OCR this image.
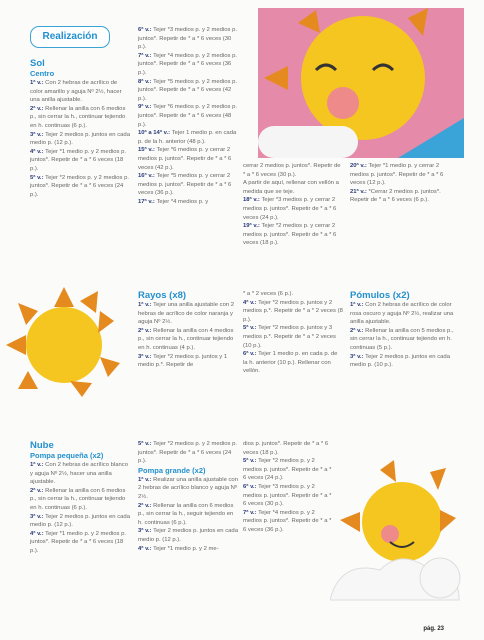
Realización
Sol
Centro

1ª v.: Con 2 hebras de acrílico de color amarillo y aguja Nº 2½, hacer una anilla ajustable.

2ª v.: Rellenar la anilla con 6 medios p., sin cerrar la h., continuar tejiendo en h. continuas (6 p.).

3ª v.: Tejer 2 medios p. juntos en cada medio p. (12 p.).

4ª v.: Tejer *1 medio p. y 2 medios p. juntos*. Repetir de * a * 6 veces (18 p.).

5ª v.: Tejer *2 medios p. y 2 medios p. juntos*. Repetir de * a * 6 veces (24 p.).

6ª v.: Tejer *3 medios p. y 2 medios p. juntos*. Repetir de * a * 6 veces (30 p.).

7ª v.: Tejer *4 medios p. y 2 medios p. juntos*. Repetir de * a * 6 veces (36 p.).

8ª v.: Tejer *5 medios p. y 2 medios p. juntos*. Repetir de * a * 6 veces (42 p.).

9ª v.: Tejer *6 medios p. y 2 medios p. juntos*. Repetir de * a * 6 veces (48 p.).

10ª a 14ª v.: Tejer 1 medio p. en cada p. de la h. anterior (48 p.).

15ª v.: Tejer *6 medios p. y cerrar 2 medios p. juntos*. Repetir de * a * 6 veces (42 p.).

16ª v.: Tejer *5 medios p. y cerrar 2 medios p. juntos*. Repetir de * a * 6 veces (36 p.).

17ª v.: Tejer *4 medios p. y

cerrar 2 medios p. juntos*. Repetir de * a * 6 veces (30 p.).

A partir de aquí, rellenar con vellón a medida que se teje.

18ª v.: Tejer *3 medios p. y cerrar 2 medios p. juntos*. Repetir de * a * 6 veces (24 p.).

19ª v.: Tejer *2 medios p. y cerrar 2 medios p. juntos*. Repetir de * a * 6 veces (18 p.).

20ª v.: Tejer *1 medio p. y cerrar 2 medios p. juntos*. Repetir de * a * 6 veces (12 p.).

21ª v.: *Cerrar 2 medios p. juntos*. Repetir de * a * 6 veces (6 p.).

Rayos (x8)

1ª v.: Tejer una anilla ajustable con 2 hebras de acrílico de color naranja y aguja Nº 2½.

2ª v.: Rellenar la anilla con 4 medios p., sin cerrar la h., continuar tejiendo en h. continuas (4 p.).

3ª v.: Tejer *2 medios p. juntos y 1 medio p.*. Repetir de

* a * 2 veces (6 p.).

4ª v.: Tejer *2 medios p. juntos y 2 medios p.*. Repetir de * a * 2 veces (8 p.).

5ª v.: Tejer *2 medios p. juntos y 3 medios p.*. Repetir de * a * 2 veces (10 p.).

6ª v.: Tejer 1 medio p. en cada p. de la h. anterior (10 p.). Rellenar con vellón.

Pómulos (x2)

1ª v.: Con 2 hebras de acrílico de color rosa oscuro y aguja Nº 2½, realizar una anilla ajustable.

2ª v.: Rellenar la anilla con 5 medios p., sin cerrar la h., continuar tejiendo en h. continuas (5 p.).

3ª v.: Tejer 2 medios p. juntos en cada medio p. (10 p.).

Nube
Pompa pequeña (x2)

1ª v.: Con 2 hebras de acrílico blanco y aguja Nº 2½, hacer una anilla ajustable.

2ª v.: Rellenar la anilla con 6 medios p., sin cerrar la h., continuar tejiendo en h. continuas (6 p.).

3ª v.: Tejer 2 medios p. juntos en cada medio p. (12 p.).

4ª v.: Tejer *1 medio p. y 2 medios p. juntos*. Repetir de * a * 6 veces (18 p.).

5ª v.: Tejer *2 medios p. y 2 medios p. juntos*. Repetir de * a * 6 veces (24 p.).

Pompa grande (x2)

1ª v.: Realizar una anilla ajustable con 2 hebras de acrílico blanco y aguja Nº 2½.

2ª v.: Rellenar la anilla con 6 medios p., sin cerrar la h., seguir tejiendo en h. continuas (6 p.).

3ª v.: Tejer 2 medios p. juntos en cada medio p. (12 p.).

4ª v.: Tejer *1 medio p. y 2 me-

dios p. juntos*. Repetir de * a * 6 veces (18 p.).

5ª v.: Tejer *2 medios p. y 2 medios p. juntos*. Repetir de * a * 6 veces (24 p.).

6ª v.: Tejer *3 medios p. y 2 medios p. juntos*. Repetir de * a * 6 veces (30 p.).

7ª v.: Tejer *4 medios p. y 2 medios p. juntos*. Repetir de * a * 6 veces (36 p.).

pág. 23
